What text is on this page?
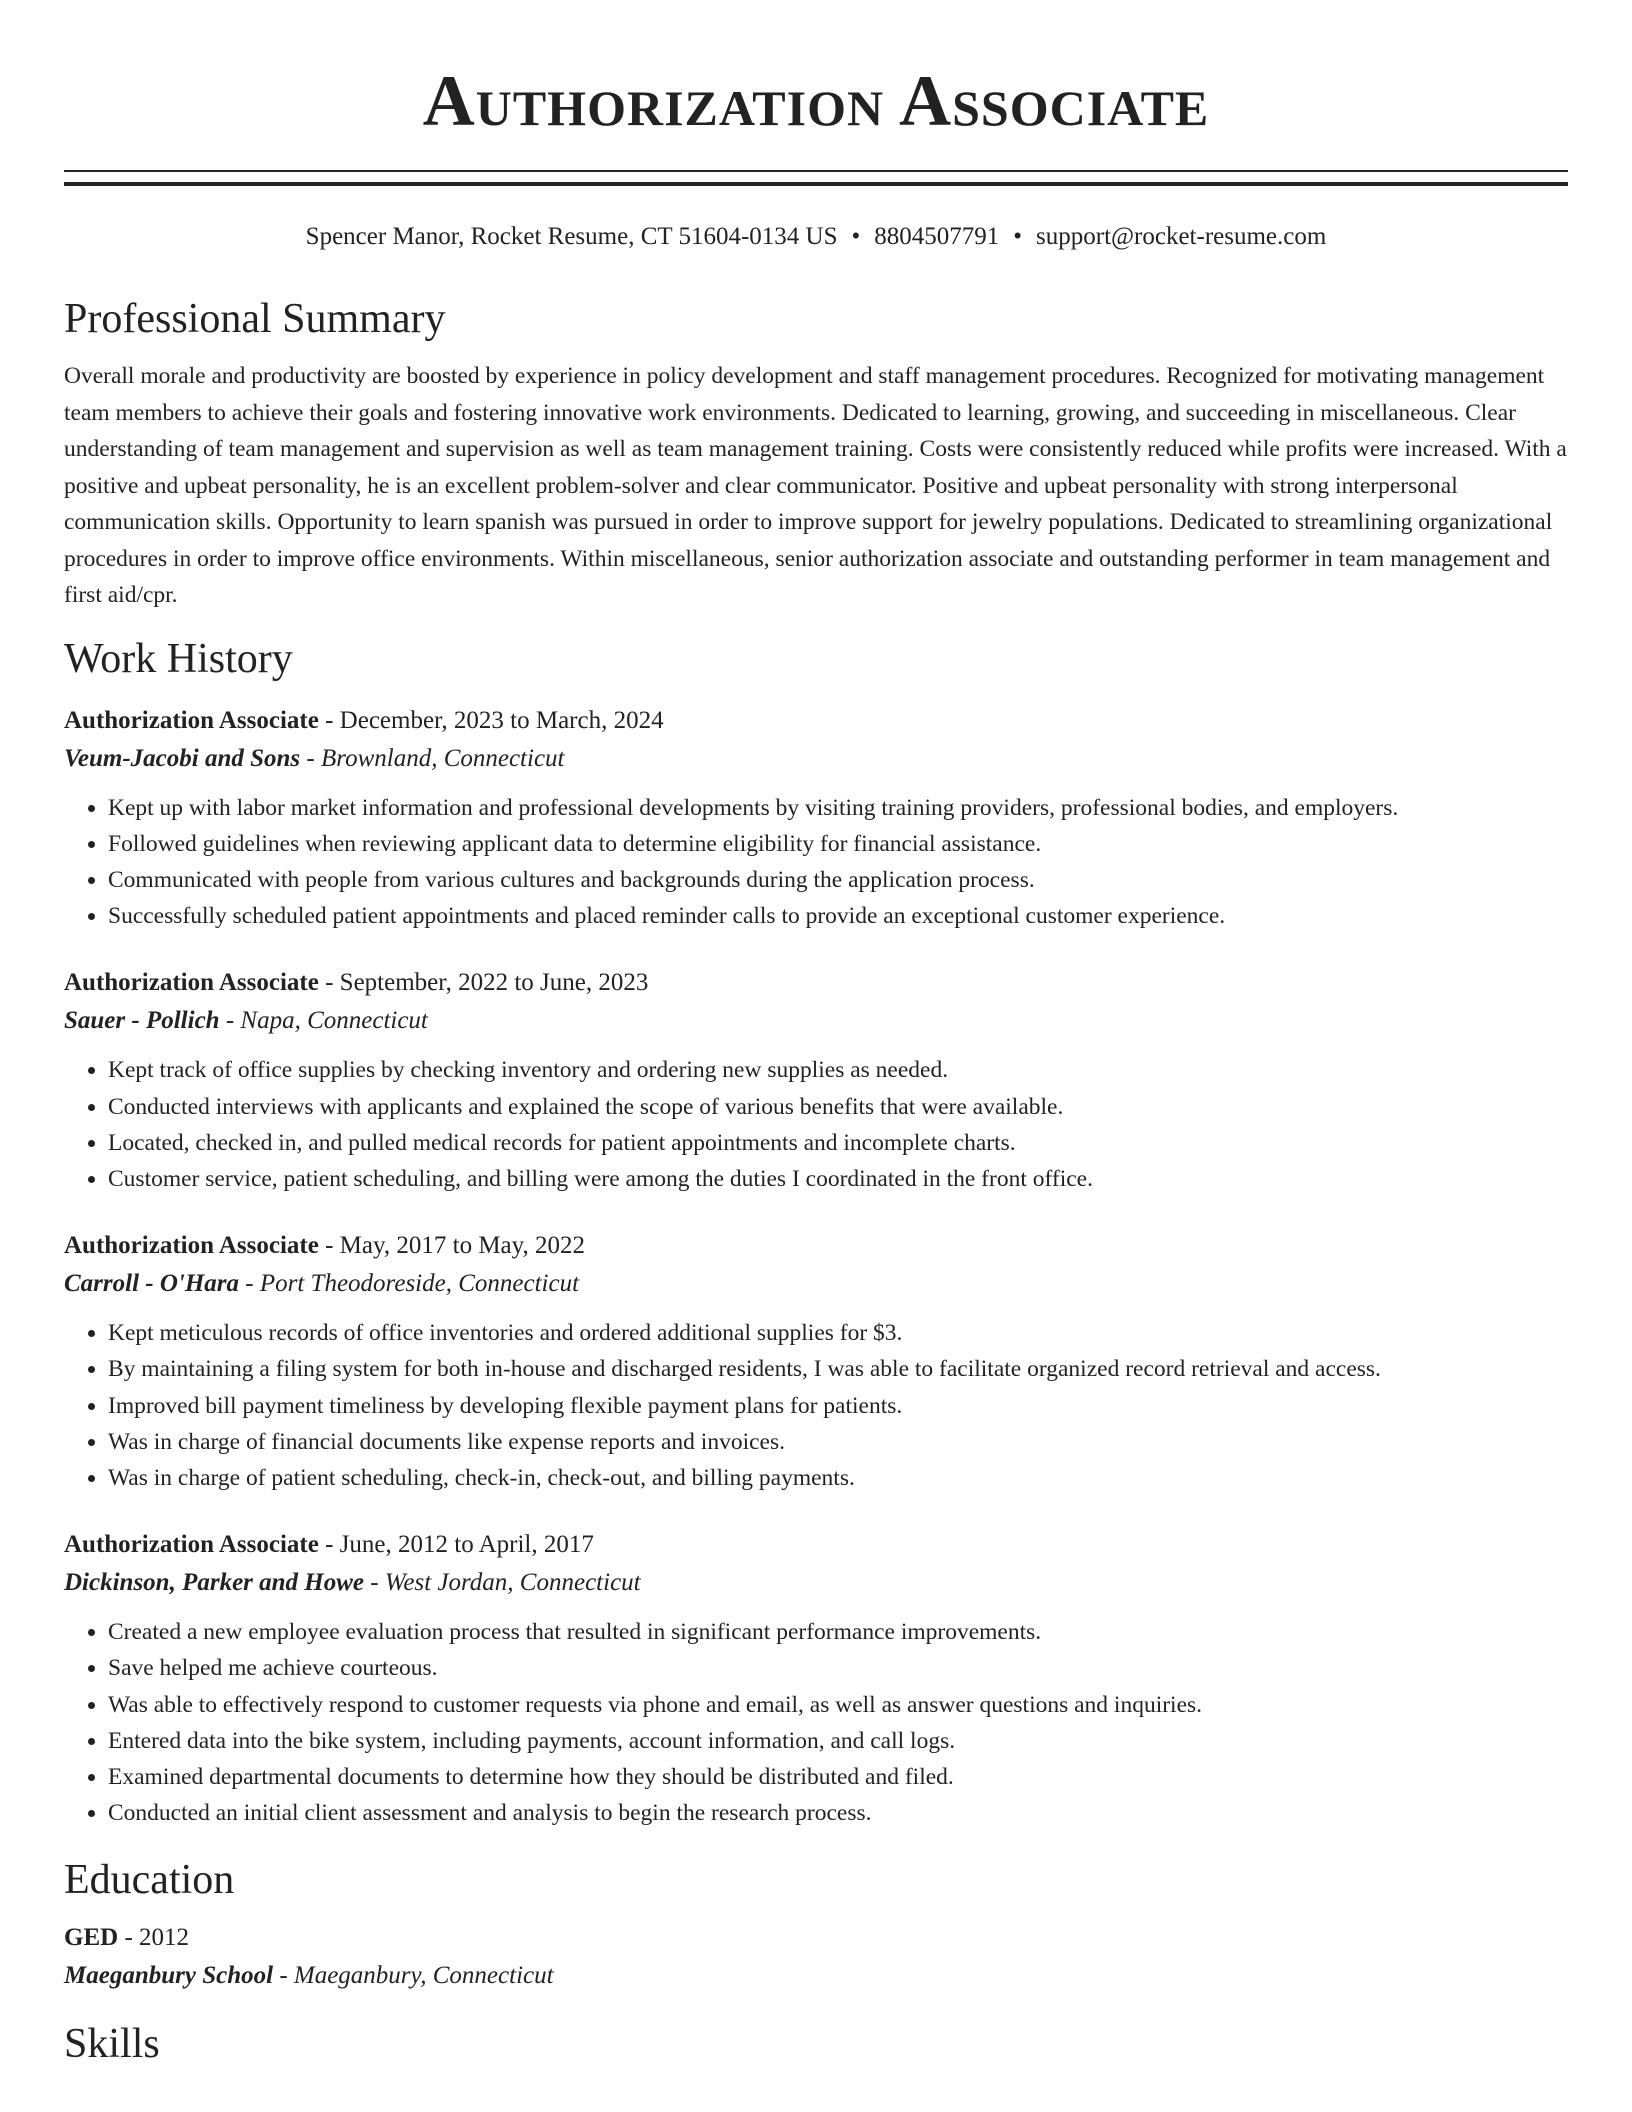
Authorization Associate
Spencer Manor, Rocket Resume, CT 51604-0134 US • 8804507791 • support@rocket-resume.com
Professional Summary

Overall morale and productivity are boosted by experience in policy development and staff management procedures. Recognized for motivating management team members to achieve their goals and fostering innovative work environments. Dedicated to learning, growing, and succeeding in miscellaneous. Clear understanding of team management and supervision as well as team management training. Costs were consistently reduced while profits were increased. With a positive and upbeat personality, he is an excellent problem-solver and clear communicator. Positive and upbeat personality with strong interpersonal communication skills. Opportunity to learn spanish was pursued in order to improve support for jewelry populations. Dedicated to streamlining organizational procedures in order to improve office environments. Within miscellaneous, senior authorization associate and outstanding performer in team management and first aid/cpr.

Work History
Authorization Associate - December, 2023 to March, 2024
Veum-Jacobi and Sons - Brownland, Connecticut
• Kept up with labor market information and professional developments by visiting training providers, professional bodies, and employers.
• Followed guidelines when reviewing applicant data to determine eligibility for financial assistance.
• Communicated with people from various cultures and backgrounds during the application process.
• Successfully scheduled patient appointments and placed reminder calls to provide an exceptional customer experience.
Authorization Associate - September, 2022 to June, 2023
Sauer - Pollich - Napa, Connecticut
• Kept track of office supplies by checking inventory and ordering new supplies as needed.
• Conducted interviews with applicants and explained the scope of various benefits that were available.
• Located, checked in, and pulled medical records for patient appointments and incomplete charts.
• Customer service, patient scheduling, and billing were among the duties I coordinated in the front office.
Authorization Associate - May, 2017 to May, 2022
Carroll - O'Hara - Port Theodoreside, Connecticut
• Kept meticulous records of office inventories and ordered additional supplies for $3.
• By maintaining a filing system for both in-house and discharged residents, I was able to facilitate organized record retrieval and access.
• Improved bill payment timeliness by developing flexible payment plans for patients.
• Was in charge of financial documents like expense reports and invoices.
• Was in charge of patient scheduling, check-in, check-out, and billing payments.
Authorization Associate - June, 2012 to April, 2017
Dickinson, Parker and Howe - West Jordan, Connecticut
• Created a new employee evaluation process that resulted in significant performance improvements.
• Save helped me achieve courteous.
• Was able to effectively respond to customer requests via phone and email, as well as answer questions and inquiries.
• Entered data into the bike system, including payments, account information, and call logs.
• Examined departmental documents to determine how they should be distributed and filed.
• Conducted an initial client assessment and analysis to begin the research process.
Education
GED - 2012
Maeganbury School - Maeganbury, Connecticut
Skills
